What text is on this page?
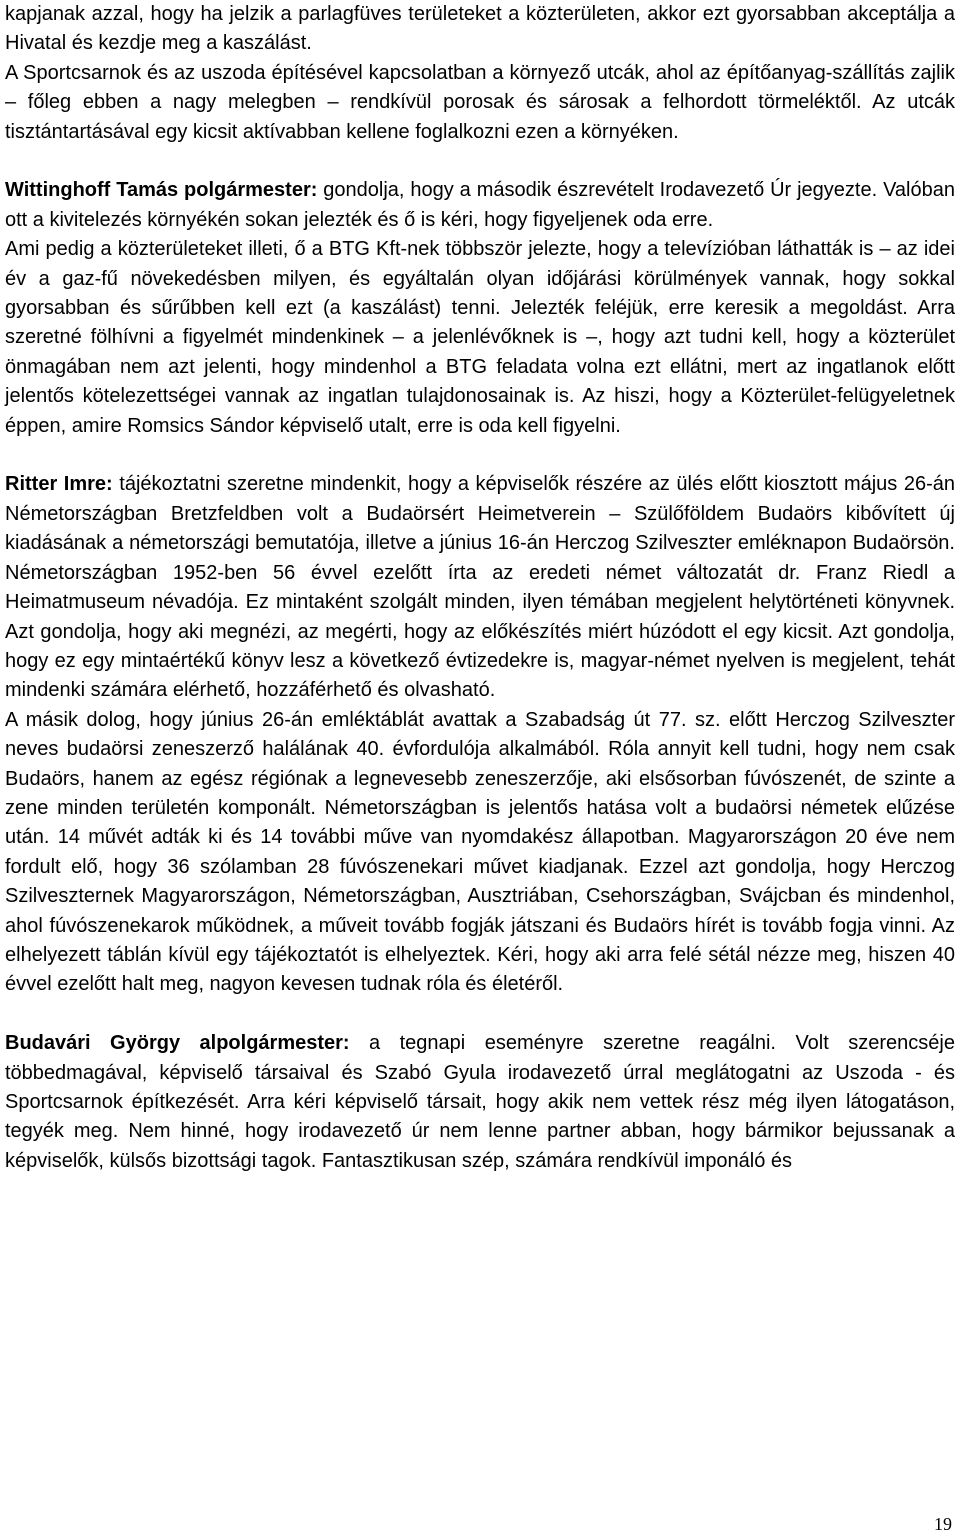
kapjanak azzal, hogy ha jelzik a parlagfüves területeket a közterületen, akkor ezt gyorsabban akceptálja a Hivatal és kezdje meg a kaszálást.

A Sportcsarnok és az uszoda építésével kapcsolatban a környező utcák, ahol az építőanyag-szállítás zajlik – főleg ebben a nagy melegben – rendkívül porosak és sárosak a felhordott törmeléktől. Az utcák tisztántartásával egy kicsit aktívabban kellene foglalkozni ezen a környéken.

Wittinghoff Tamás polgármester: gondolja, hogy a második észrevételt Irodavezető Úr jegyezte. Valóban ott a kivitelezés környékén sokan jelezték és ő is kéri, hogy figyeljenek oda erre.

Ami pedig a közterületeket illeti, ő a BTG Kft-nek többször jelezte, hogy a televízióban láthatták is – az idei év a gaz-fű növekedésben milyen, és egyáltalán olyan időjárási körülmények vannak, hogy sokkal gyorsabban és sűrűbben kell ezt (a kaszálást) tenni. Jelezték feléjük, erre keresik a megoldást. Arra szeretné fölhívni a figyelmét mindenkinek – a jelenlévőknek is –, hogy azt tudni kell, hogy a közterület önmagában nem azt jelenti, hogy mindenhol a BTG feladata volna ezt ellátni, mert az ingatlanok előtt jelentős kötelezettségei vannak az ingatlan tulajdonosainak is. Az hiszi, hogy a Közterület-felügyeletnek éppen, amire Romsics Sándor képviselő utalt, erre is oda kell figyelni.

Ritter Imre: tájékoztatni szeretne mindenkit, hogy a képviselők részére az ülés előtt kiosztott május 26-án Németországban Bretzfeldben volt a Budaörsért Heimetverein – Szülőföldem Budaörs kibővített új kiadásának a németországi bemutatója, illetve a június 16-án Herczog Szilveszter emléknapon Budaörsön. Németországban 1952-ben 56 évvel ezelőtt írta az eredeti német változatát dr. Franz Riedl a Heimatmuseum névadója. Ez mintaként szolgált minden, ilyen témában megjelent helytörténeti könyvnek. Azt gondolja, hogy aki megnézi, az megérti, hogy az előkészítés miért húzódott el egy kicsit. Azt gondolja, hogy ez egy mintaértékű könyv lesz a következő évtizedekre is, magyar-német nyelven is megjelent, tehát mindenki számára elérhető, hozzáférhető és olvasható.

A másik dolog, hogy június 26-án emléktáblát avattak a Szabadság út 77. sz. előtt Herczog Szilveszter neves budaörsi zeneszerző halálának 40. évfordulója alkalmából. Róla annyit kell tudni, hogy nem csak Budaörs, hanem az egész régiónak a legnevesebb zeneszerzője, aki elsősorban fúvószenét, de szinte a zene minden területén komponált. Németországban is jelentős hatása volt a budaörsi németek elűzése után. 14 művét adták ki és 14 további műve van nyomdakész állapotban. Magyarországon 20 éve nem fordult elő, hogy 36 szólamban 28 fúvószenekari művet kiadjanak. Ezzel azt gondolja, hogy Herczog Szilveszternek Magyarországon, Németországban, Ausztriában, Csehországban, Svájcban és mindenhol, ahol fúvószenekarok működnek, a műveit tovább fogják játszani és Budaörs hírét is tovább fogja vinni. Az elhelyezett táblán kívül egy tájékoztatót is elhelyeztek. Kéri, hogy aki arra felé sétál nézze meg, hiszen 40 évvel ezelőtt halt meg, nagyon kevesen tudnak róla és életéről.

Budavári György alpolgármester: a tegnapi eseményre szeretne reagálni. Volt szerencséje többedmagával, képviselő társaival és Szabó Gyula irodavezető úrral meglátogatni az Uszoda - és Sportcsarnok építkezését. Arra kéri képviselő társait, hogy akik nem vettek rész még ilyen látogatáson, tegyék meg. Nem hinné, hogy irodavezető úr nem lenne partner abban, hogy bármikor bejussanak a képviselők, külsős bizottsági tagok. Fantasztikusan szép, számára rendkívül imponáló és

19
